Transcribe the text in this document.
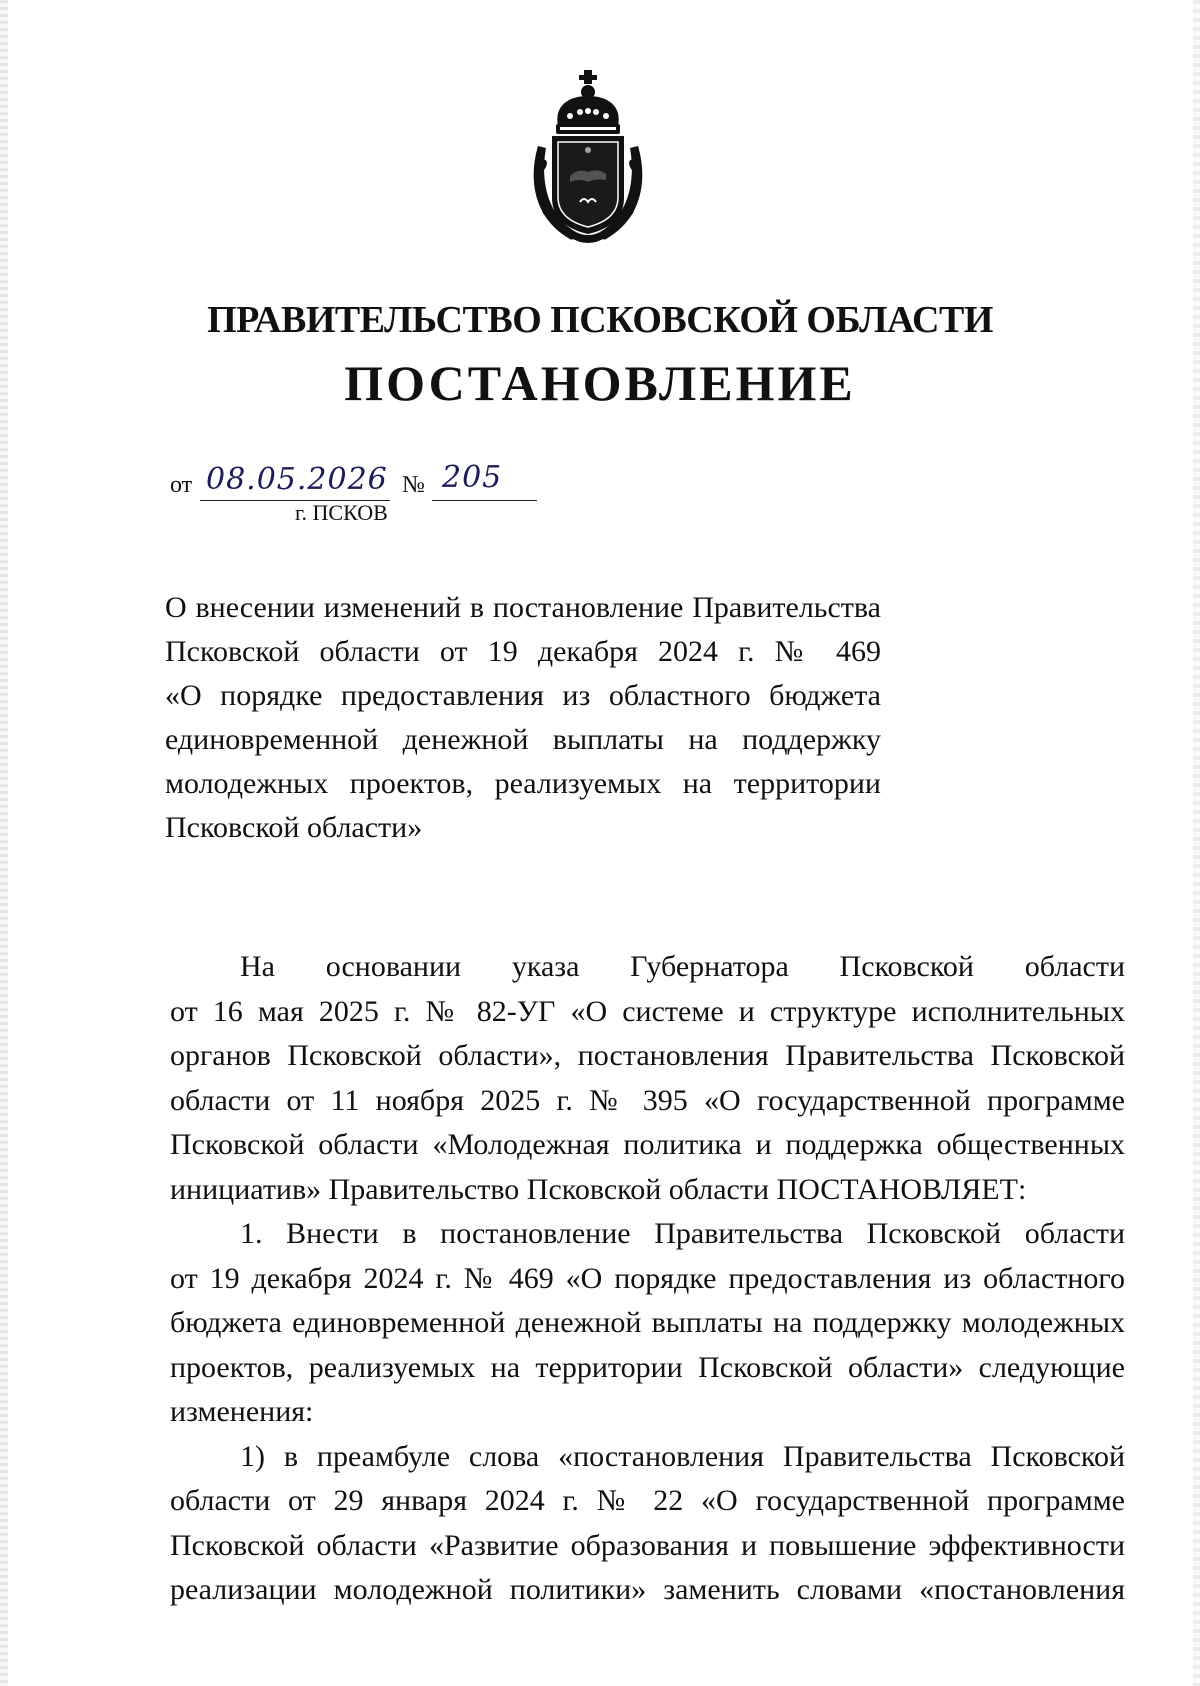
ПРАВИТЕЛЬСТВО ПСКОВСКОЙ ОБЛАСТИ
ПОСТАНОВЛЕНИЕ
от 08.05.2026 № 205
г. ПСКОВ
О внесении изменений в постановление Правительства
Псковской области от 19 декабря 2024 г. № 469
«О порядке предоставления из областного бюджета
единовременной денежной выплаты на поддержку
молодежных проектов, реализуемых на территории
Псковской области»
На основании указа Губернатора Псковской области
от 16 мая 2025 г. № 82-УГ «О системе и структуре исполнительных
органов Псковской области», постановления Правительства Псковской
области от 11 ноября 2025 г. № 395 «О государственной программе
Псковской области «Молодежная политика и поддержка общественных
инициатив» Правительство Псковской области ПОСТАНОВЛЯЕТ:
1. Внести в постановление Правительства Псковской области
от 19 декабря 2024 г. № 469 «О порядке предоставления из областного
бюджета единовременной денежной выплаты на поддержку молодежных
проектов, реализуемых на территории Псковской области» следующие
изменения:
1) в преамбуле слова «постановления Правительства Псковской
области от 29 января 2024 г. № 22 «О государственной программе
Псковской области «Развитие образования и повышение эффективности
реализации молодежной политики» заменить словами «постановления
